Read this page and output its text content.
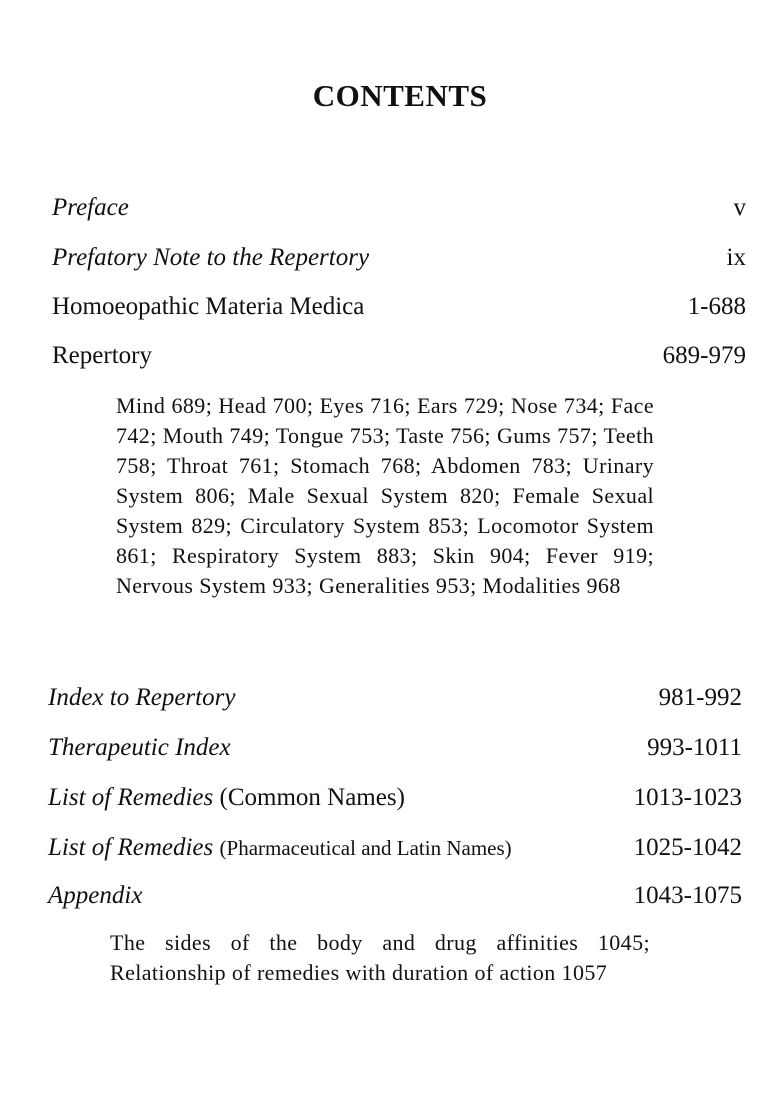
CONTENTS
Preface	v
Prefatory Note to the Repertory	ix
Homoeopathic Materia Medica	1-688
Repertory	689-979
Mind 689; Head 700; Eyes 716; Ears 729; Nose 734; Face 742; Mouth 749; Tongue 753; Taste 756; Gums 757; Teeth 758; Throat 761; Stomach 768; Abdomen 783; Urinary System 806; Male Sexual System 820; Female Sexual System 829; Circulatory System 853; Locomotor System 861; Respiratory System 883; Skin 904; Fever 919; Nervous System 933; Generalities 953; Modalities 968
Index to Repertory	981-992
Therapeutic Index	993-1011
List of Remedies (Common Names)	1013-1023
List of Remedies (Pharmaceutical and Latin Names)	1025-1042
Appendix	1043-1075
The sides of the body and drug affinities 1045; Relationship of remedies with duration of action 1057
